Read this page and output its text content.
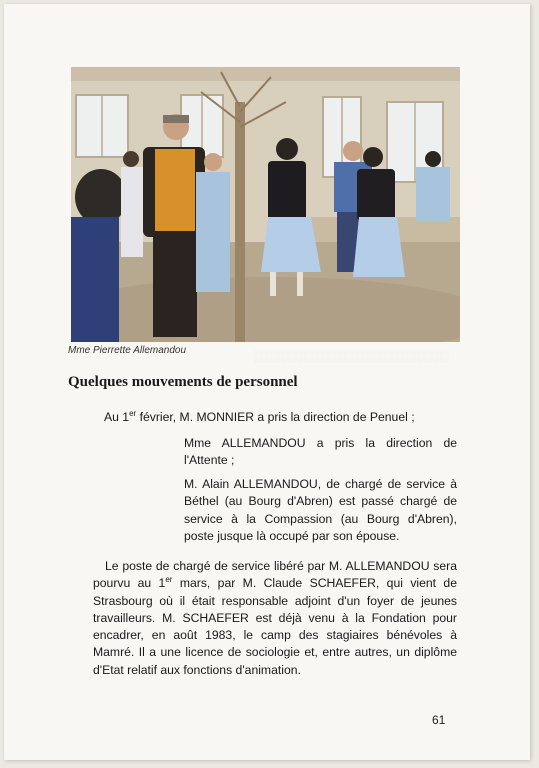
░░░░░░░░░░░░░░░░░░░░░░░
Mme Pierrette Allemandou
Quelques mouvements de personnel

Au 1er février, M. MONNIER a pris la direction de Penuel ;

Mme ALLEMANDOU a pris la direction de l'Attente ;

M. Alain ALLEMANDOU, de chargé de service à Béthel (au Bourg d'Abren) est passé chargé de service à la Compassion (au Bourg d'Abren), poste jusque là occupé par son épouse.

Le poste de chargé de service libéré par M. ALLEMANDOU sera pourvu au 1er mars, par M. Claude SCHAEFER, qui vient de Strasbourg où il était responsable adjoint d'un foyer de jeunes travailleurs. M. SCHAEFER est déjà venu à la Fondation pour encadrer, en août 1983, le camp des stagiaires bénévoles à Mamré. Il a une licence de sociologie et, entre autres, un diplôme d'Etat relatif aux fonctions d'animation.

61
